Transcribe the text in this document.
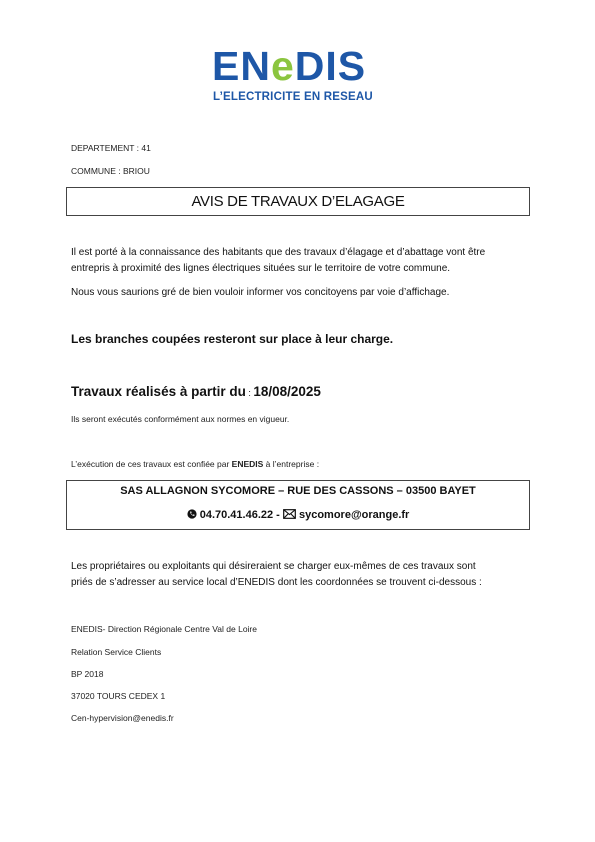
ENeDIS
L’ELECTRICITE EN RESEAU
DEPARTEMENT : 41
COMMUNE : BRIOU
AVIS DE TRAVAUX D’ELAGAGE
Il est porté à la connaissance des habitants que des travaux d’élagage et d’abattage vont être
entrepris à proximité des lignes électriques situées sur le territoire de votre commune.
Nous vous saurions gré de bien vouloir informer vos concitoyens par voie d’affichage.
Les branches coupées resteront sur place à leur charge.
Travaux réalisés à partir du : 18/08/2025
Ils seront exécutés conformément aux normes en vigueur.
L’exécution de ces travaux est confiée par ENEDIS à l’entreprise :
SAS ALLAGNON SYCOMORE – RUE DES CASSONS – 03500 BAYET
04.70.41.46.22 -  sycomore@orange.fr
Les propriétaires ou exploitants qui désireraient se charger eux-mêmes de ces travaux sont
priés de s’adresser au service local d’ENEDIS dont les coordonnées se trouvent ci-dessous :
ENEDIS- Direction Régionale Centre Val de Loire
Relation Service Clients
BP 2018
37020 TOURS CEDEX 1
Cen-hypervision@enedis.fr
